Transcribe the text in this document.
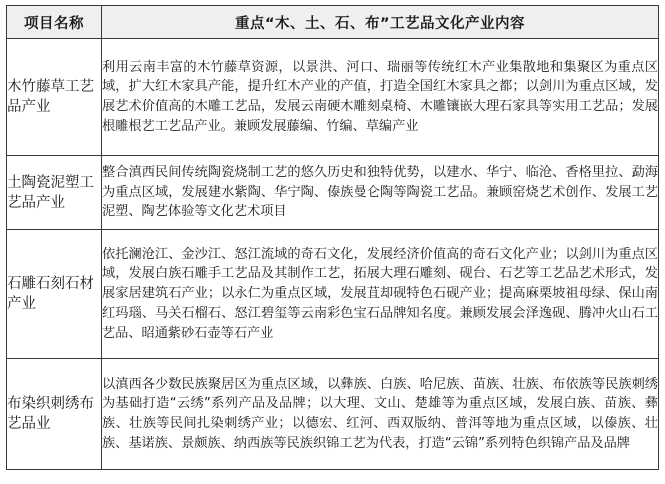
项目名称	重点“木、土、石、布”工艺品文化产业内容
木竹藤草工艺品产业	利用云南丰富的木竹藤草资源，以景洪、河口、瑞丽等传统红木产业集散地和集聚区为重点区域，扩大红木家具产能，提升红木产业的产值，打造全国红木家具之都；以剑川为重点区域，发展艺术价值高的木雕工艺品，发展云南硬木雕刻桌椅、木雕镶嵌大理石家具等实用工艺品；发展根雕根艺工艺品产业。兼顾发展藤编、竹编、草编产业
土陶瓷泥塑工艺品产业	整合滇西民间传统陶瓷烧制工艺的悠久历史和独特优势，以建水、华宁、临沧、香格里拉、勐海为重点区域，发展建水紫陶、华宁陶、傣族曼仑陶等陶瓷工艺品。兼顾窑烧艺术创作、发展工艺泥塑、陶艺体验等文化艺术项目
石雕石刻石材产业	依托澜沧江、金沙江、怒江流域的奇石文化，发展经济价值高的奇石文化产业；以剑川为重点区域，发展白族石雕手工艺品及其制作工艺，拓展大理石雕刻、砚台、石艺等工艺品艺术形式，发展家居建筑石产业；以永仁为重点区域，发展苴却砚特色石砚产业；提高麻栗坡祖母绿、保山南红玛瑙、马关石榴石、怒江碧玺等云南彩色宝石品牌知名度。兼顾发展会泽逸砚、腾冲火山石工艺品、昭通紫砂石壶等石产业
布染织刺绣布艺品业	以滇西各少数民族聚居区为重点区域，以彝族、白族、哈尼族、苗族、壮族、布依族等民族刺绣为基础打造“云绣”系列产品及品牌；以大理、文山、楚雄等为重点区域，发展白族、苗族、彝族、壮族等民间扎染刺绣产业；以德宏、红河、西双版纳、普洱等地为重点区域，以傣族、壮族、基诺族、景颇族、纳西族等民族织锦工艺为代表，打造“云锦”系列特色织锦产品及品牌
